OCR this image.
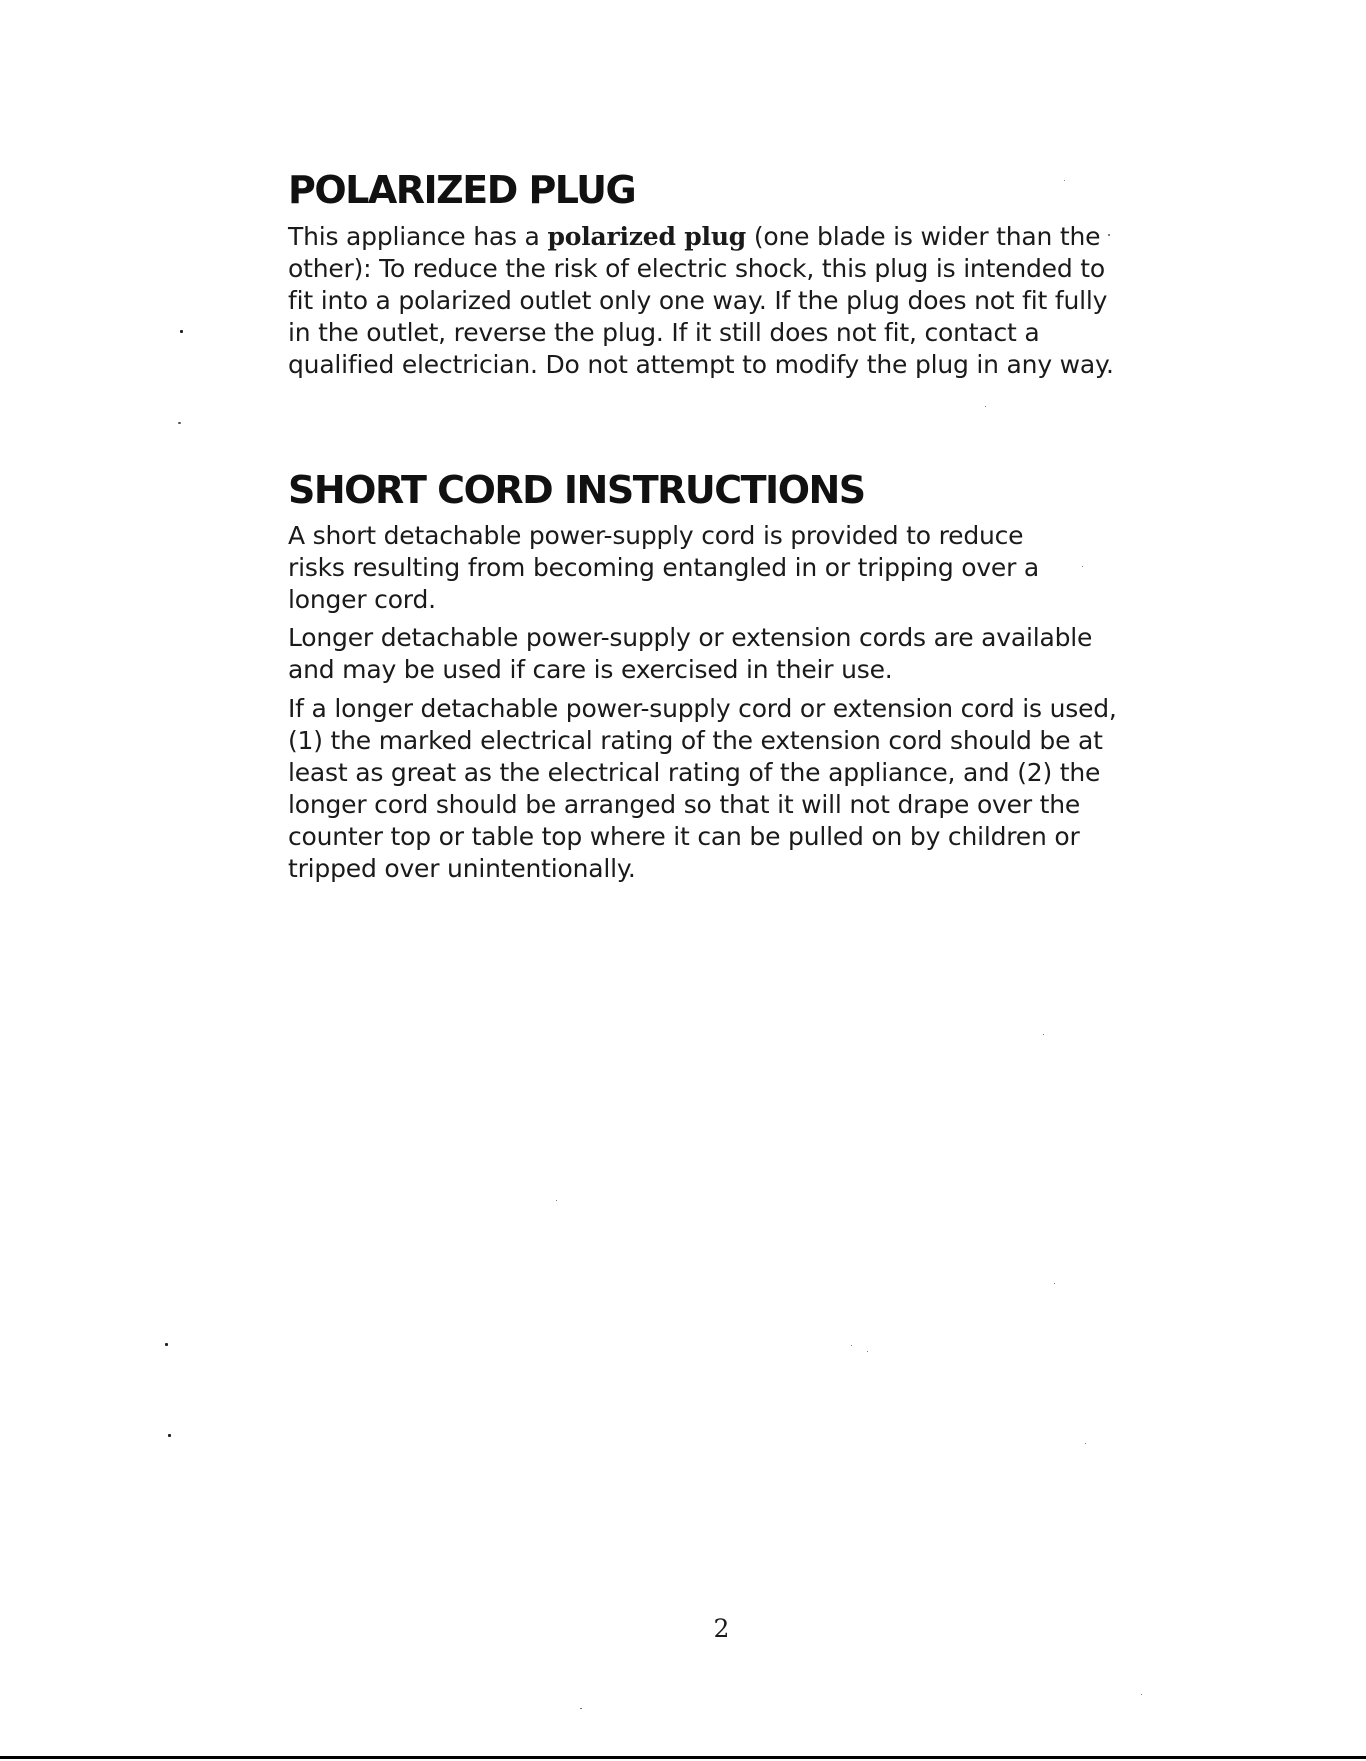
POLARIZED PLUG

This appliance has a polarized plug (one blade is wider than the
other): To reduce the risk of electric shock, this plug is intended to
fit into a polarized outlet only one way. If the plug does not fit fully
in the outlet, reverse the plug. If it still does not fit, contact a
qualified electrician. Do not attempt to modify the plug in any way.

SHORT CORD INSTRUCTIONS

A short detachable power-supply cord is provided to reduce
risks resulting from becoming entangled in or tripping over a
longer cord.

Longer detachable power-supply or extension cords are available
and may be used if care is exercised in their use.

If a longer detachable power-supply cord or extension cord is used,
(1) the marked electrical rating of the extension cord should be at
least as great as the electrical rating of the appliance, and (2) the
longer cord should be arranged so that it will not drape over the
counter top or table top where it can be pulled on by children or
tripped over unintentionally.

2
